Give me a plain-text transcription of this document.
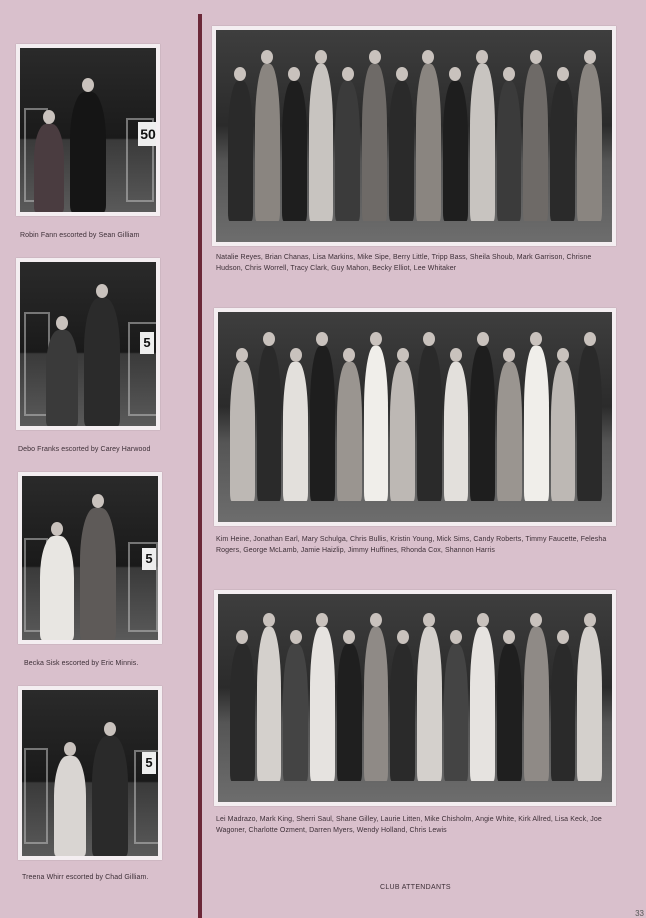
50
Robin Fann escorted by Sean Gilliam
5
Debo Franks escorted by Carey Harwood
5
Becka Sisk escorted by Eric Minnis.
5
Treena Whirr escorted by Chad Gilliam.
Natalie Reyes, Brian Chanas, Lisa Markins, Mike Sipe, Berry Little, Tripp Bass, Sheila Shoub, Mark Garrison, Chrisne Hudson, Chris Worrell, Tracy Clark, Guy Mahon, Becky Elliot, Lee Whitaker
Kim Heine, Jonathan Earl, Mary Schulga, Chris Bullis, Kristin Young, Mick Sims, Candy Roberts, Timmy Faucette, Felesha Rogers, George McLamb, Jamie Haizlip, Jimmy Huffines, Rhonda Cox, Shannon Harris
Lei Madrazo, Mark King, Sherri Saul, Shane Gilley, Laurie Litten, Mike Chisholm, Angie White, Kirk Allred, Lisa Keck, Joe Wagoner, Charlotte Ozment, Darren Myers, Wendy Holland, Chris Lewis
CLUB ATTENDANTS
33
